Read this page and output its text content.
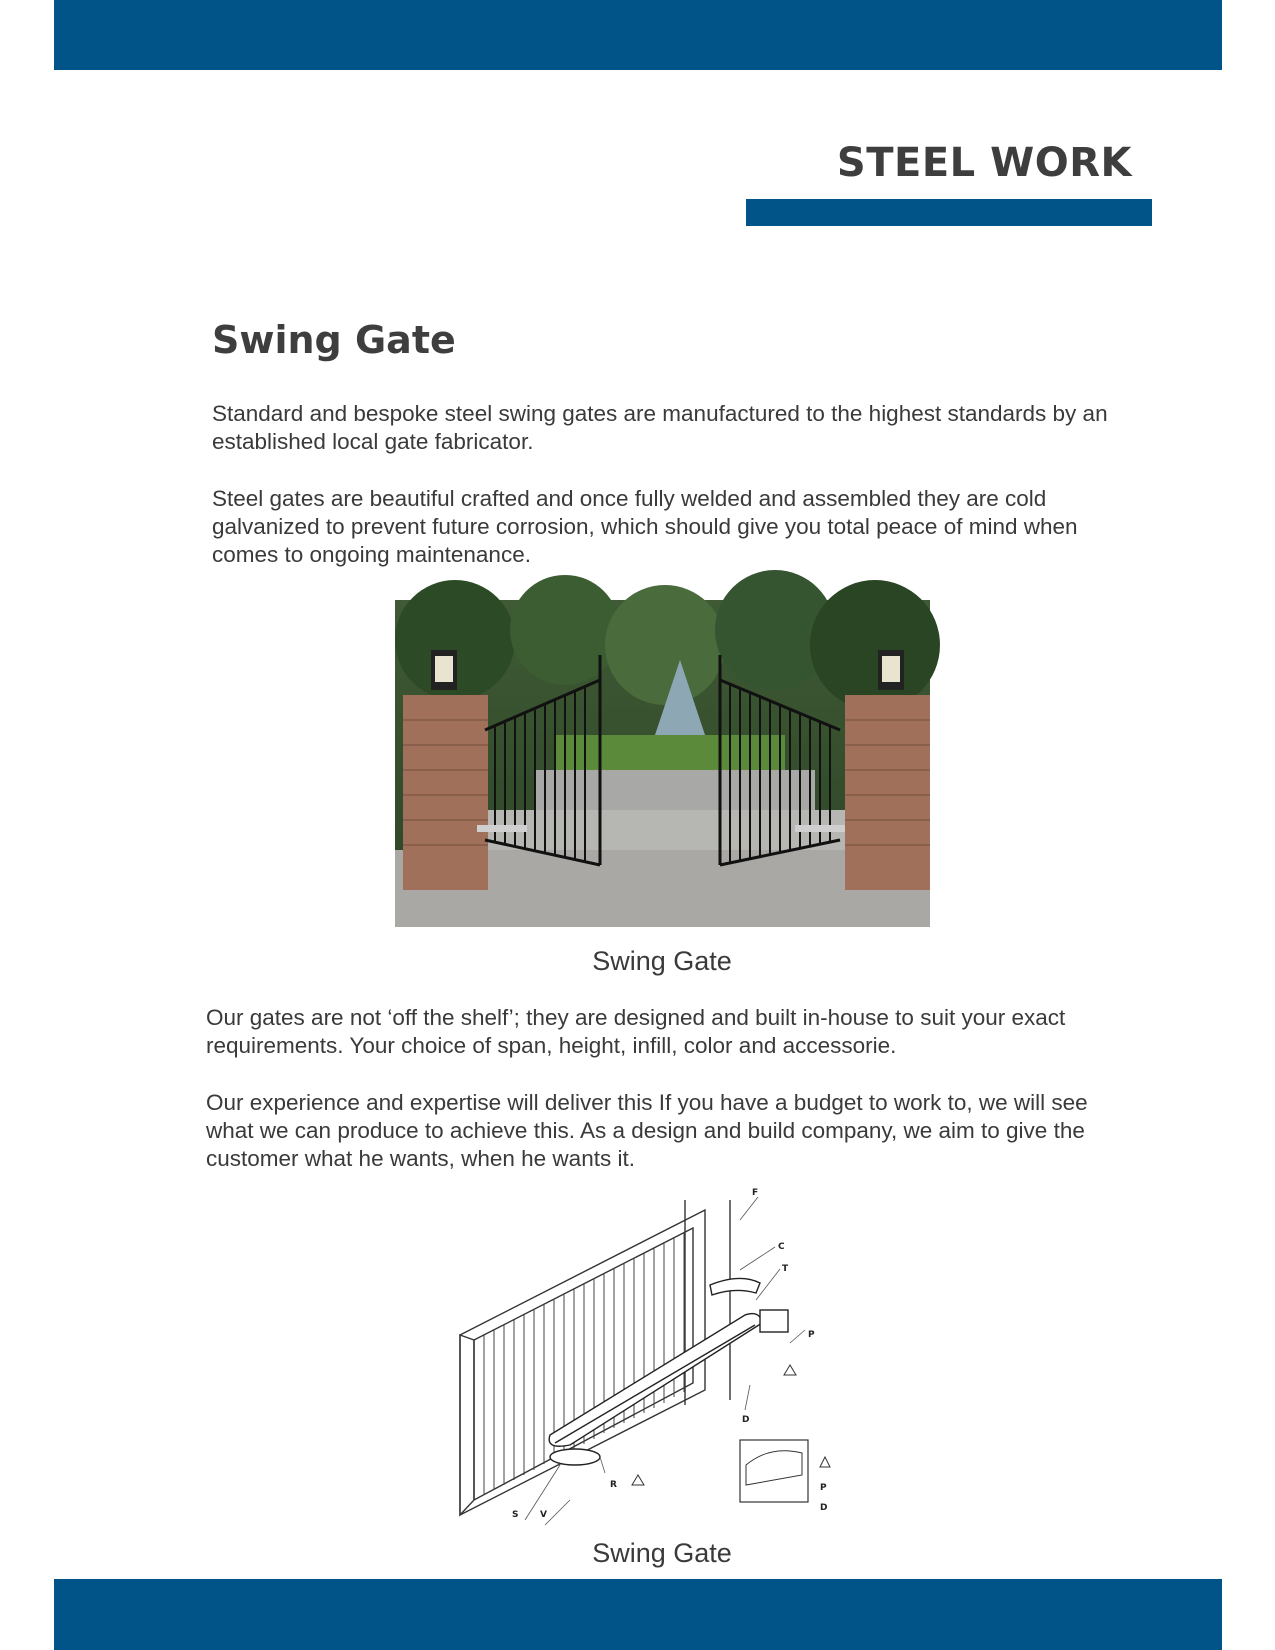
STEEL WORK
Swing Gate
Standard and bespoke steel swing gates are manufactured to the highest standards by an established local gate fabricator.
Steel gates are beautiful crafted and once fully welded and assembled they are cold galvanized to prevent future corrosion, which should give you total peace of mind when comes to ongoing maintenance.
Swing Gate
Our gates are not ‘off the shelf’; they are designed and built in-house to suit your exact requirements. Your choice of span, height, infill, color and accessorie.
Our experience and expertise will deliver this If you have a budget to work to, we will see what we can produce to achieve this. As a design and build company, we aim to give the customer what he wants, when he wants it.
F
C
T
P
D
R
S V
P
D
Swing Gate
